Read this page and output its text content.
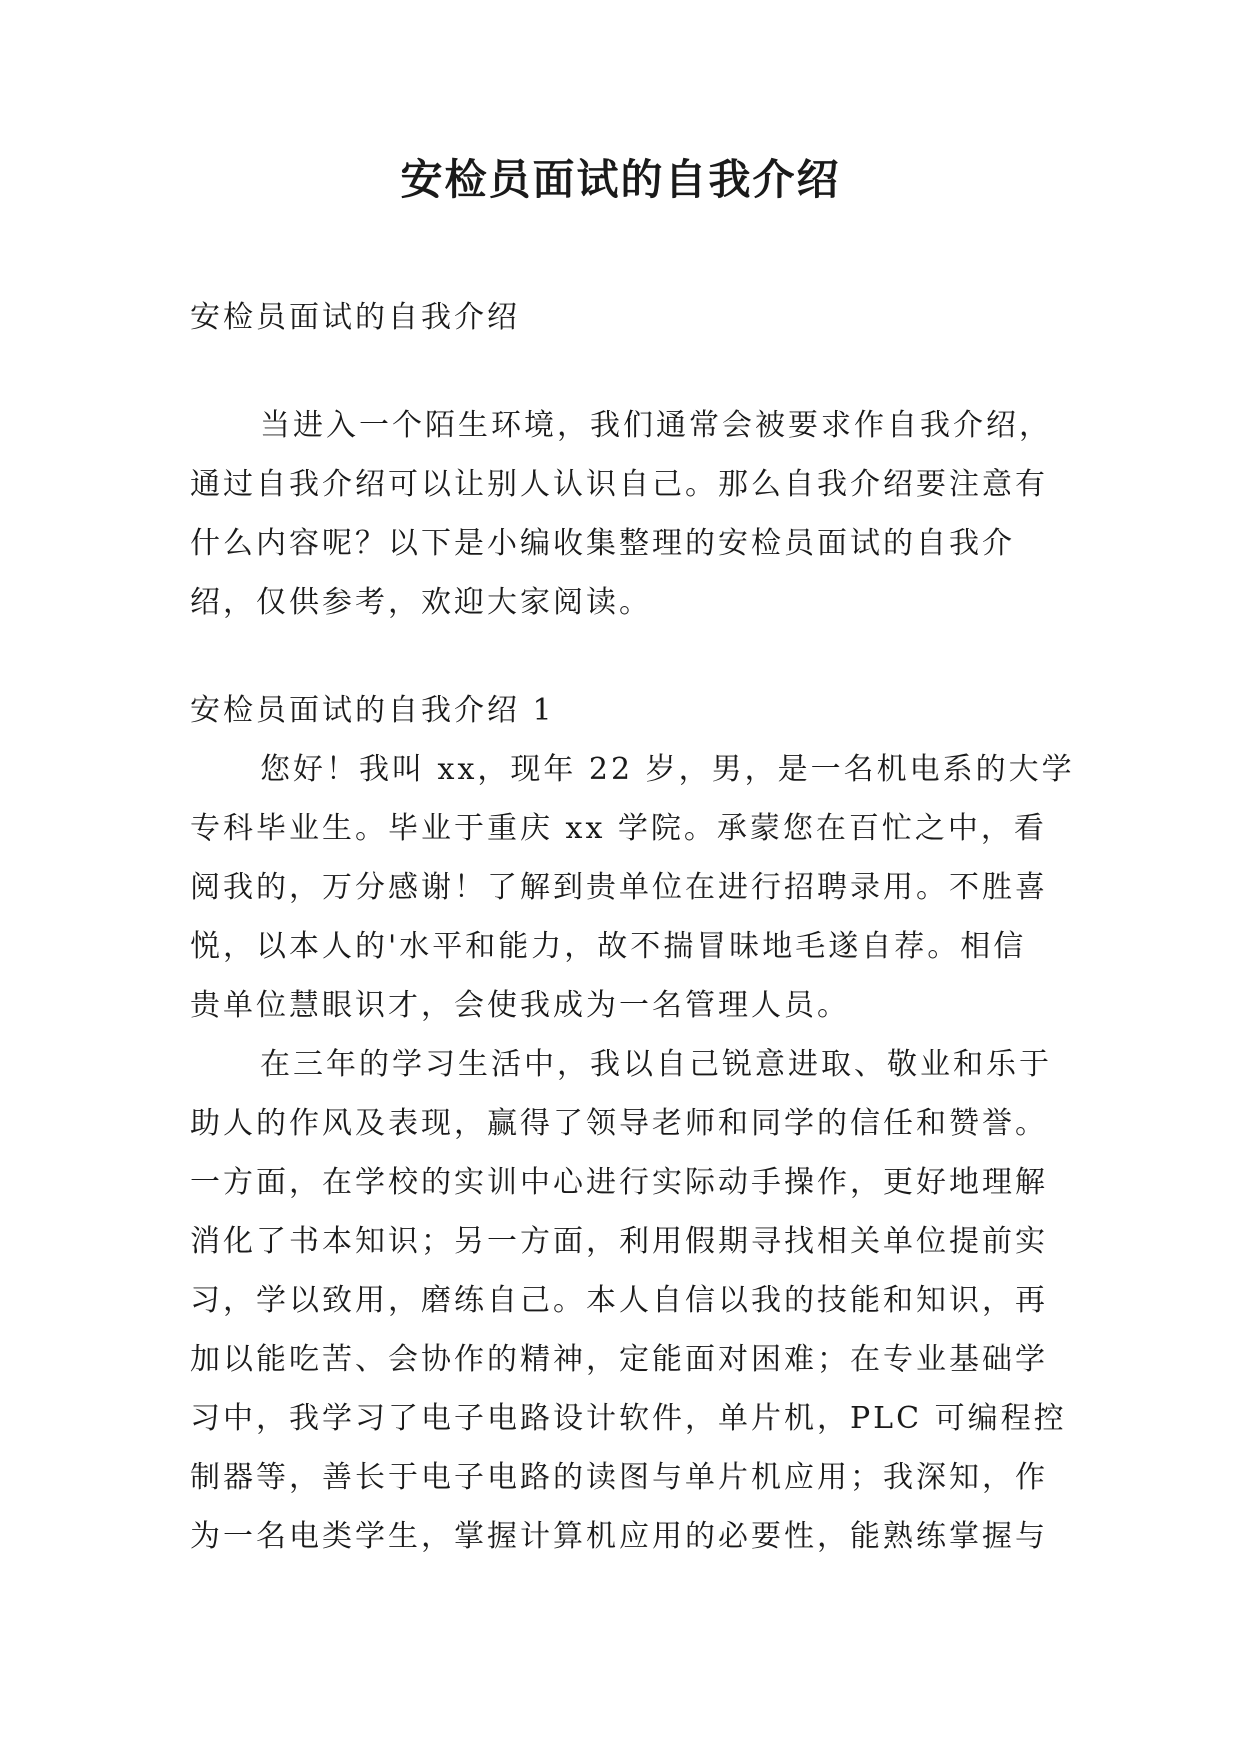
安检员面试的自我介绍
安检员面试的自我介绍
当进入一个陌生环境，我们通常会被要求作自我介绍，
通过自我介绍可以让别人认识自己。那么自我介绍要注意有
什么内容呢？以下是小编收集整理的安检员面试的自我介
绍，仅供参考，欢迎大家阅读。
安检员面试的自我介绍 1
您好！我叫 xx，现年 22 岁，男，是一名机电系的大学
专科毕业生。毕业于重庆 xx 学院。承蒙您在百忙之中，看
阅我的，万分感谢！了解到贵单位在进行招聘录用。不胜喜
悦，以本人的'水平和能力，故不揣冒昧地毛遂自荐。相信
贵单位慧眼识才，会使我成为一名管理人员。
在三年的学习生活中，我以自己锐意进取、敬业和乐于
助人的作风及表现，赢得了领导老师和同学的信任和赞誉。
一方面，在学校的实训中心进行实际动手操作，更好地理解
消化了书本知识；另一方面，利用假期寻找相关单位提前实
习，学以致用，磨练自己。本人自信以我的技能和知识，再
加以能吃苦、会协作的精神，定能面对困难；在专业基础学
习中，我学习了电子电路设计软件，单片机，PLC 可编程控
制器等，善长于电子电路的读图与单片机应用；我深知，作
为一名电类学生，掌握计算机应用的必要性，能熟练掌握与
